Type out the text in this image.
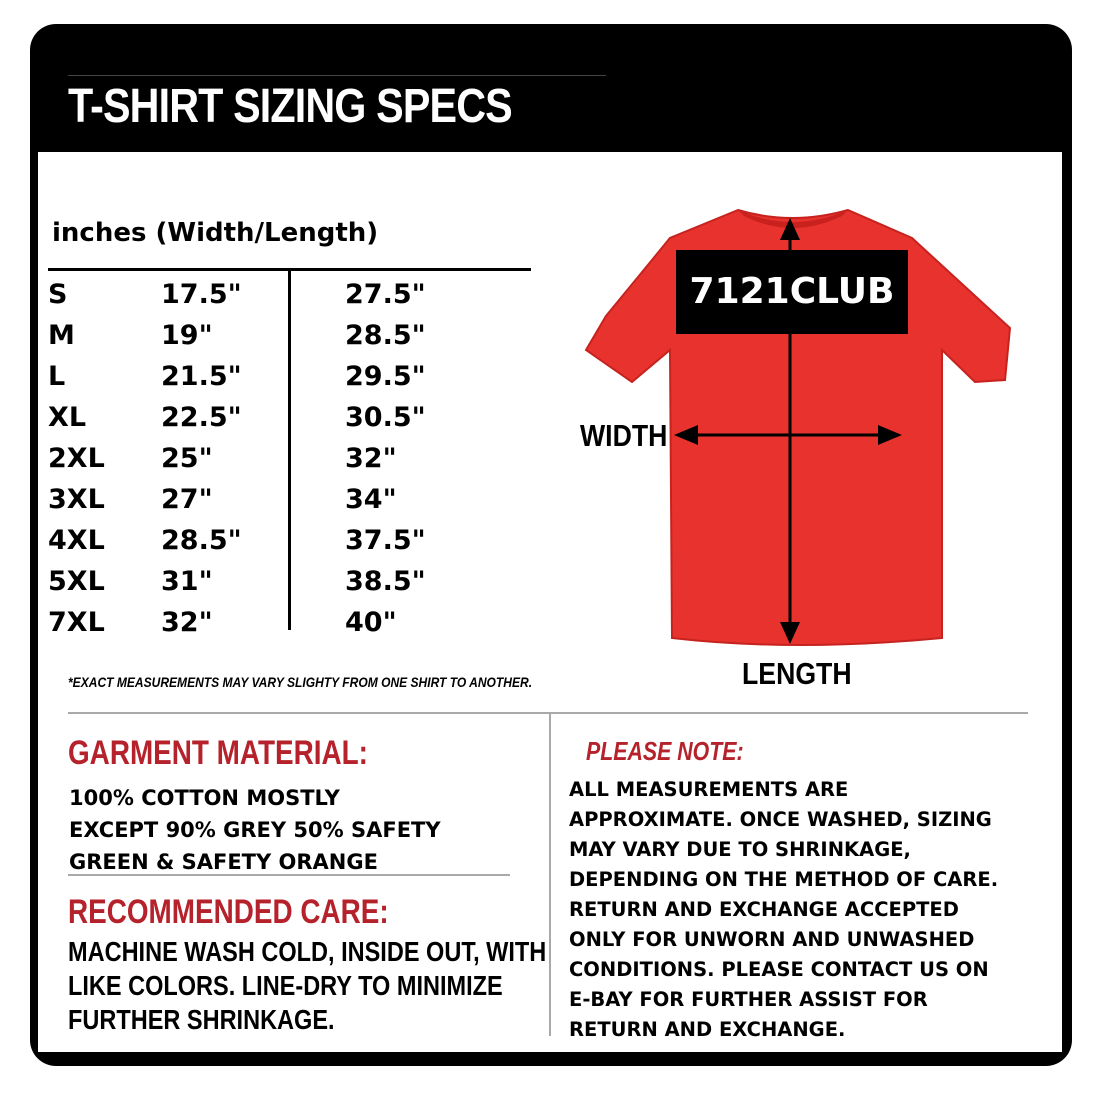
T-SHIRT SIZING SPECS
inches (Width/Length)
S	17.5"	27.5"
M	19"	28.5"
L	21.5"	29.5"
XL	22.5"	30.5"
2XL 25"	32"
3XL 27"	34"
4XL 28.5"	37.5"
5XL 31"	38.5"
7XL 32"	40"
*EXACT MEASUREMENTS MAY VARY SLIGHTY FROM ONE SHIRT TO ANOTHER.
7121CLUB
WIDTH
LENGTH
GARMENT MATERIAL:
100% COTTON MOSTLY
EXCEPT 90% GREY 50% SAFETY
GREEN & SAFETY ORANGE
RECOMMENDED CARE:
MACHINE WASH COLD, INSIDE OUT, WITH
LIKE COLORS. LINE-DRY TO MINIMIZE
FURTHER SHRINKAGE.
PLEASE NOTE:
ALL MEASUREMENTS ARE
APPROXIMATE. ONCE WASHED, SIZING
MAY VARY DUE TO SHRINKAGE,
DEPENDING ON THE METHOD OF CARE.
RETURN AND EXCHANGE ACCEPTED
ONLY FOR UNWORN AND UNWASHED
CONDITIONS. PLEASE CONTACT US ON
E-BAY FOR FURTHER ASSIST FOR
RETURN AND EXCHANGE.
